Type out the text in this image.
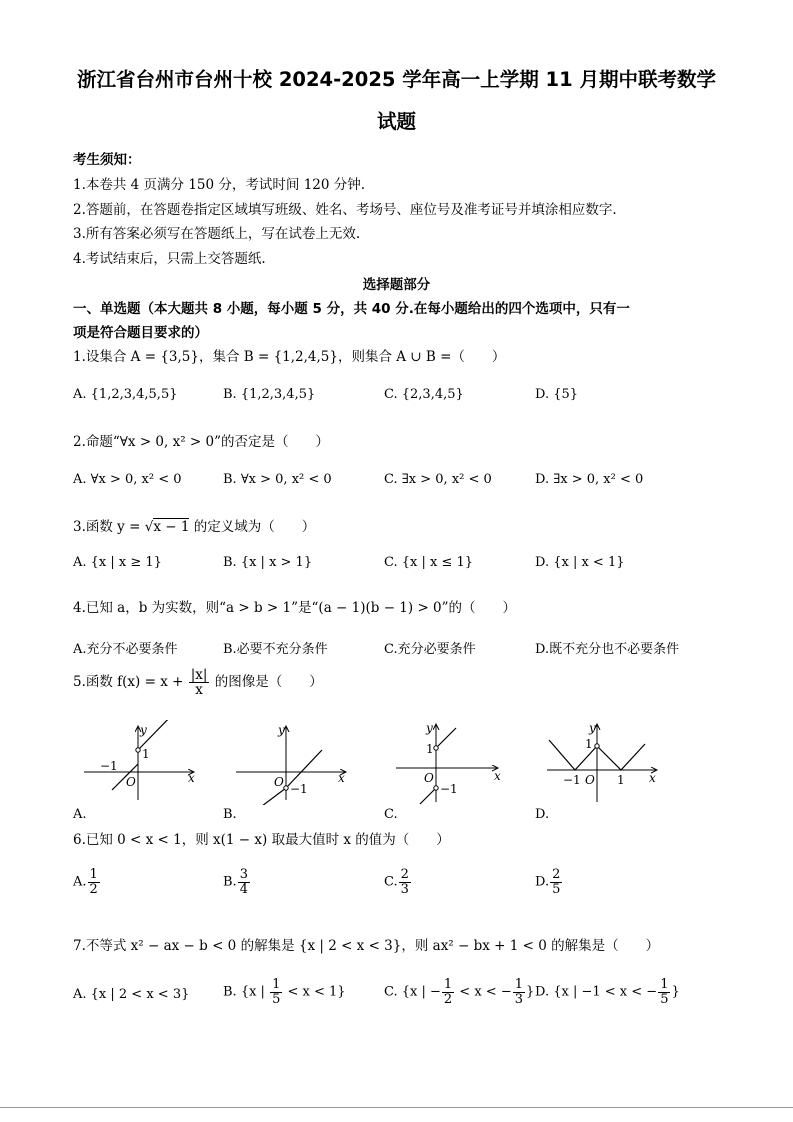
浙江省台州市台州十校 2024-2025 学年高一上学期 11 月期中联考数学
试题
考生须知：
1.本卷共 4 页满分 150 分，考试时间 120 分钟.
2.答题前，在答题卷指定区域填写班级、姓名、考场号、座位号及准考证号并填涂相应数字.
3.所有答案必须写在答题纸上，写在试卷上无效.
4.考试结束后，只需上交答题纸.
选择题部分
一、单选题（本大题共 8 小题，每小题 5 分，共 40 分.在每小题给出的四个选项中，只有一
项是符合题目要求的）
1.设集合 A = {3,5}，集合 B = {1,2,4,5}，则集合 A ∪ B =（　　）
A. {1,2,3,4,5,5}	B. {1,2,3,4,5}	C. {2,3,4,5}	D. {5}
2.命题“∀x > 0, x² > 0”的否定是（　　）
A. ∀x > 0, x² < 0	B. ∀x > 0, x² < 0	C. ∃x > 0, x² < 0	D. ∃x > 0, x² < 0
3.函数 y = √x − 1 的定义域为（　　）
A. {x | x ≥ 1}	B. {x | x > 1}	C. {x | x ≤ 1}	D. {x | x < 1}
4.已知 a，b 为实数，则“a > b > 1”是“(a − 1)(b − 1) > 0”的（　　）
A.充分不必要条件	B.必要不充分条件	C.充分必要条件	D.既不充分也不必要条件
5.函数 $f(x) = x + \frac{|x|}{x}$ 的图像是（　　）
y
x
O
1
−1
A.
y
x
O −1
B.
y
x
O
1
−1
C.
y
x
1
O
−1	1
D.
6.已知 0 < x < 1，则 x(1 − x) 取最大值时 x 的值为（　　）
A. $\frac{1}{2}$	B. $\frac{3}{4}$	C. $\frac{2}{3}$	D. $\frac{2}{5}$
7.不等式 x² − ax − b < 0 的解集是 {x | 2 < x < 3}，则 ax² − bx + 1 < 0 的解集是（　　）
A. {x | 2 < x < 3}	B. {x | $\frac{1}{5} < x < 1$}	C. {x | − $\frac{1}{2} < x$ < − $\frac{1}{3}$ } D. {x | −1 < x < − $\frac{1}{5}$ }
